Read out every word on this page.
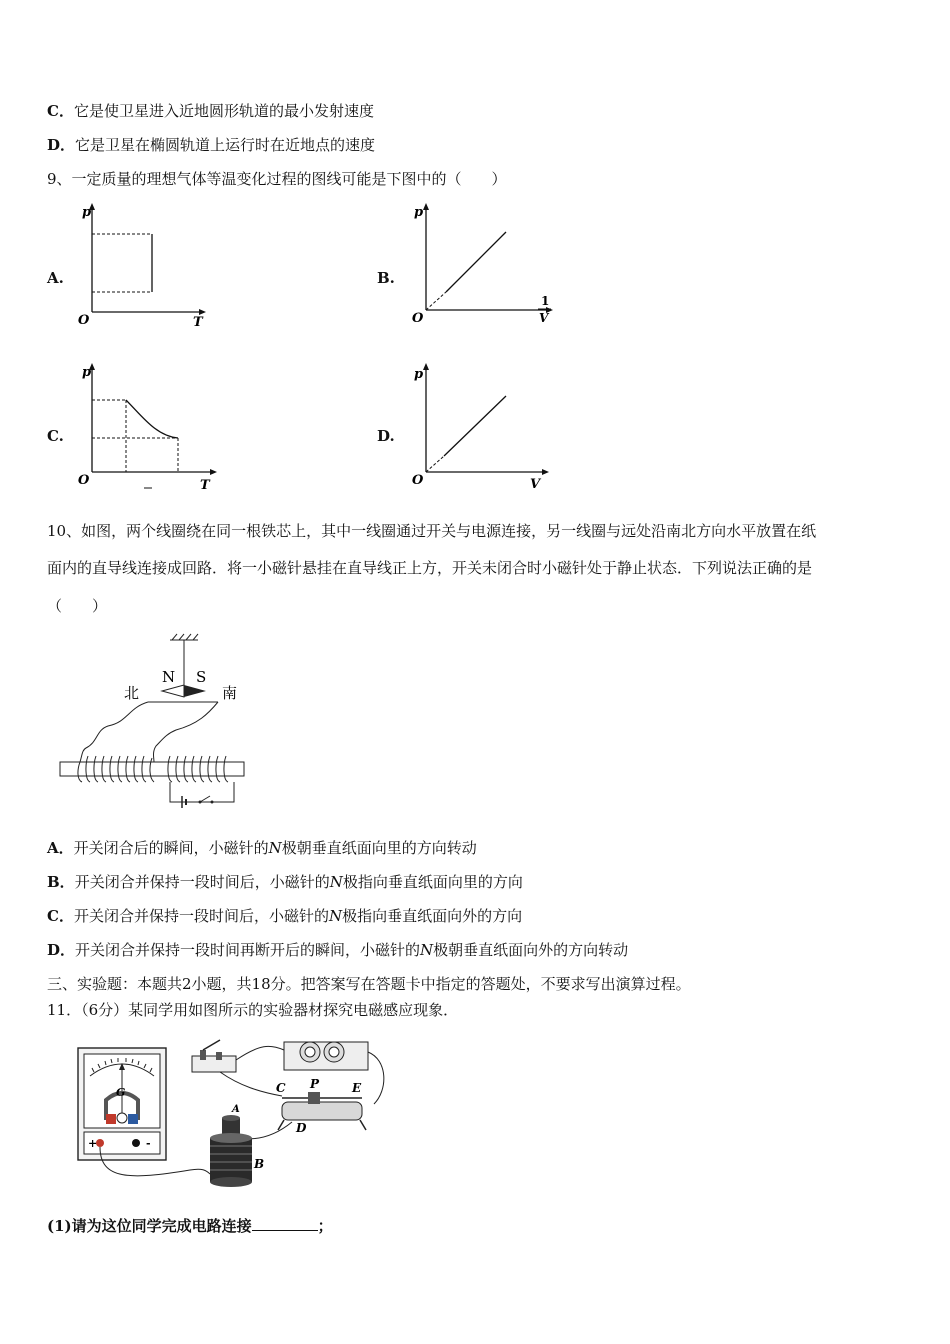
C．它是使卫星进入近地圆形轨道的最小发射速度
D．它是卫星在椭圆轨道上运行时在近地点的速度
9、一定质量的理想气体等温变化过程的图线可能是下图中的（　　）
A.
p
O	T
B.
p
O
1
V
C.
p
O	T
D.
p
O	V
10、如图，两个线圈绕在同一根铁芯上，其中一线圈通过开关与电源连接，另一线圈与远处沿南北方向水平放置在纸
面内的直导线连接成回路．将一小磁针悬挂在直导线正上方，开关未闭合时小磁针处于静止状态．下列说法正确的是
（　　）
N S
北	南
A．开关闭合后的瞬间，小磁针的N极朝垂直纸面向里的方向转动
B．开关闭合并保持一段时间后，小磁针的N极指向垂直纸面向里的方向
C．开关闭合并保持一段时间后，小磁针的N极指向垂直纸面向外的方向
D．开关闭合并保持一段时间再断开后的瞬间，小磁针的N极朝垂直纸面向外的方向转动
三、实验题：本题共2小题，共18分。把答案写在答题卡中指定的答题处，不要求写出演算过程。
11．（6分）某同学用如图所示的实验器材探究电磁感应现象．
G
+	-
C P	E
D
A
B
(1)请为这位同学完成电路连接	；
